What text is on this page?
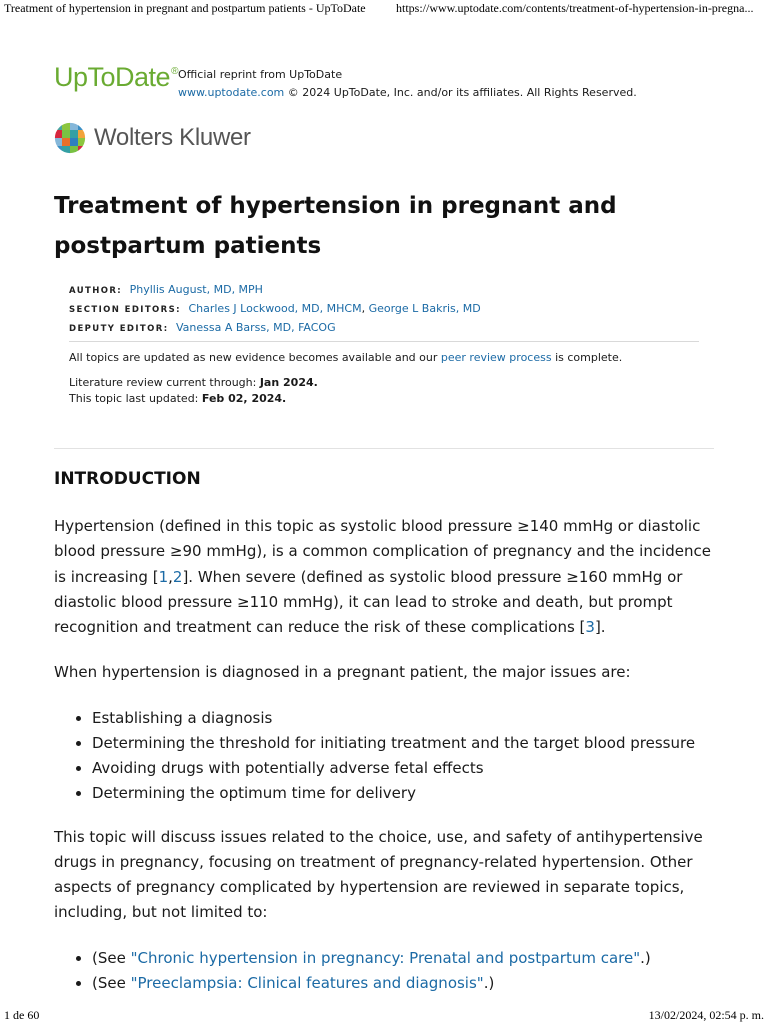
Treatment of hypertension in pregnant and postpartum patients - UpToDate	https://www.uptodate.com/contents/treatment-of-hypertension-in-pregna...
UpToDate® Official reprint from UpToDate
www.uptodate.com © 2024 UpToDate, Inc. and/or its affiliates. All Rights Reserved.
Wolters Kluwer
Treatment of hypertension in pregnant and postpartum patients
AUTHOR: Phyllis August, MD, MPH
SECTION EDITORS: Charles J Lockwood, MD, MHCM, George L Bakris, MD
DEPUTY EDITOR: Vanessa A Barss, MD, FACOG
All topics are updated as new evidence becomes available and our peer review process is complete.
Literature review current through: Jan 2024.
This topic last updated: Feb 02, 2024.
INTRODUCTION

Hypertension (defined in this topic as systolic blood pressure ≥140 mmHg or diastolic blood pressure ≥90 mmHg), is a common complication of pregnancy and the incidence is increasing [1,2]. When severe (defined as systolic blood pressure ≥160 mmHg or diastolic blood pressure ≥110 mmHg), it can lead to stroke and death, but prompt recognition and treatment can reduce the risk of these complications [3].

When hypertension is diagnosed in a pregnant patient, the major issues are:

• Establishing a diagnosis
• Determining the threshold for initiating treatment and the target blood pressure
• Avoiding drugs with potentially adverse fetal effects
• Determining the optimum time for delivery

This topic will discuss issues related to the choice, use, and safety of antihypertensive drugs in pregnancy, focusing on treatment of pregnancy-related hypertension. Other aspects of pregnancy complicated by hypertension are reviewed in separate topics, including, but not limited to:

• (See "Chronic hypertension in pregnancy: Prenatal and postpartum care".)
• (See "Preeclampsia: Clinical features and diagnosis".)
1 de 60	13/02/2024, 02:54 p. m.
